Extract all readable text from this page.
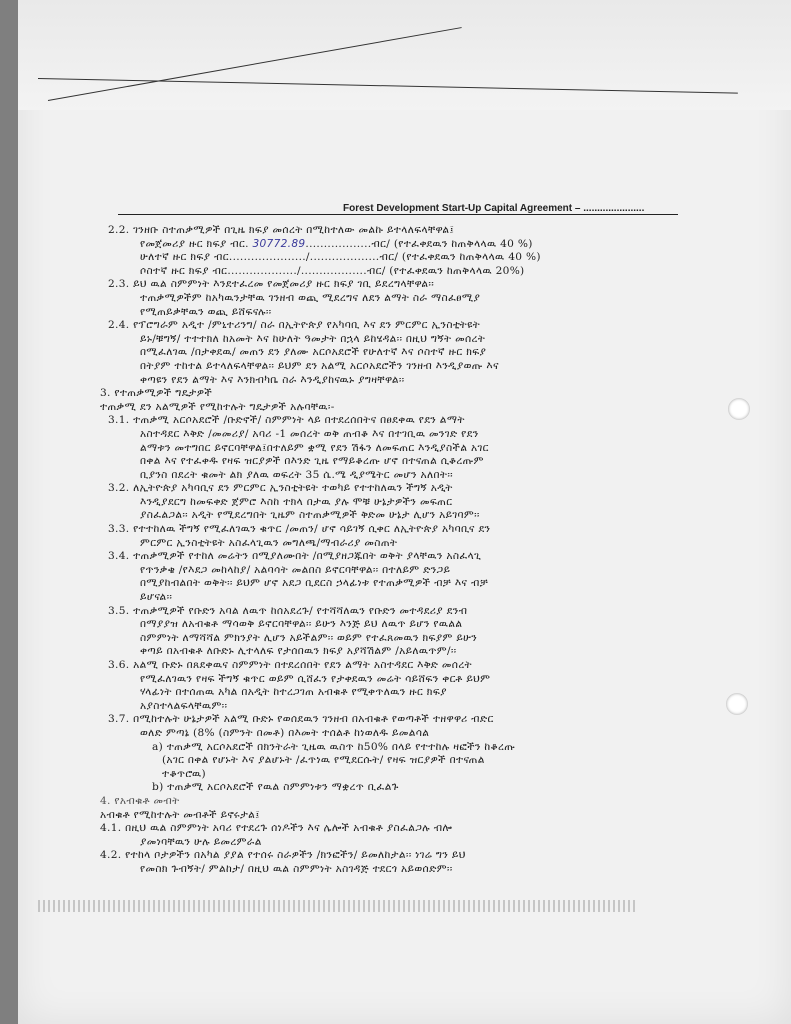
Forest Development Start-Up Capital Agreement – ......................
2.2. ገንዘቡ ስተጠቃሚዎች በጊዜ ክፍያ መሰረት በሚከተለው መልኩ ይተላለፍላቸዋል፤
የመጀመሪያ ዙር ክፍያ ብር. 30772.89..................ብር/ (የተፈቀደዉን ከጠቅላላዉ 40 %)
ሁለተኛ ዙር ክፍያ ብር...................../...................ብር/ (የተፈቀደዉን ከጠቅላላዉ 40 %)
ሶስተኛ ዙር ክፍያ ብር.................../..................ብር/ (የተፈቀደዉን ከጠቅላላዉ 20%)
2.3. ይህ ዉል ስምምነት እንደተፈረመ የመጀመሪያ ዙር ክፍያ ገቢ ይደረግላቸዋል፡፡
ተጠቃሚዎችም ከአካዉንታቸዉ ገንዘብ ወጪ ሚደረግና ለደን ልማት ስራ ማስፈፀሚያ
የሚጠይቃቸዉን ወጪ ይሸፍናሉ፡፡
2.4. የፕሮግራም አዲተ /ምኒተሪንግ/ ስራ በኢትዮጵያ የአካባቢ እና ደን ምርምር ኢንስቲትዩት
ይኑ/ቹግኝ/ ተተተክለ ከአመት እና ከሁለት ዓመታት በኋላ ይከሄዳል፡፡ በዚህ ግኝት መሰረት
በሚፈለገዉ /በታቀደዉ/ መጠን ደን ያለሙ አርሶአደሮች የሁለተኛ እና ሶስተኛ ዙር ክፍያ
በትያም ተከተል ይተላለፍላቸዋል፡፡ ይህም ደን አልሚ አርሶአደሮችን ገንዘብ እንዲያወጡ እና
ቀጣዩን የደን ልማት እና እንክብካቤ ስራ እንዲያከናዉኑ ያግዛቸዋል፡፡
3. የተጠቃሚዎች ግዴታዎች
ተጠቃሚ ደን አልሚዎች የሚከተሉት ግዴታዎች አሉባቸዉ፡-
3.1. ተጠቃሚ አርሶአደሮች /ቡድኖች/ ስምምነት ላይ በተደረሰበትና በፀደቀዉ የደን ልማት
አስተዳደር እቅድ /መመሪያ/ አባሪ -1 መሰረት ወቅ ጠብቆ እና በተገቢዉ መንገድ የደን
ልማቱን መተግበር ይኖርባቸዋል፤በተለይም ቋሚ የደን ሽፋን ለመፍጠር እንዲያስችል አገር
በቀል እና የተፈቀዱ የዛፍ ዝርያዎች በእንድ ጊዜ የማይቆረጡ ሆኖ በተናጠል ሲቆረጡም
ቢያንስ በደረት ቁመት ልክ ያለዉ ወፍረት 35 ሴ.ሜ ዲያሜትር መሆን አለበት፡፡
3.2. ለኢትዮጵያ አካባቢና ደን ምርምር ኢንስቲትዩት ተወካይ የተተከለዉን ችግኝ አዲት
እንዲያደርግ ከመፍቀድ ጀምሮ እስከ ተክላ በታዉ ያሉ ሞቹ ሁኔታዎችን መፍጠር
ያስፈልጋል፡፡ አዲት የሚደረግበት ጊዜም ስተጠቃሚዎች ቅድመ ሁኔታ ሊሆን አይገባም፡፡
3.3. የተተከለዉ ችግኝ የሚፈለገዉን ቁጥር /መጠን/ ሆኖ ሳይገኝ ሲቀር ለኢትዮጵያ አካባቢና ደን
ምርምር ኢንስቲትዩት አስፈላጊዉን መግለጫ/ማብራሪያ መስጠት
3.4. ተጠቃሚዎች የተከለ መሬትን በሚያለሙበት /በሚያዘጋጁበት ወቅት ያላቸዉን አስፈላጊ
የጥንቃቄ /የእደጋ መከላከያ/ አልባሳት መልበስ ይኖርባቸዋል፡፡ በተለይም ድንጋይ
በሚያከብልበት ወቅት፡፡ ይህም ሆኖ አደጋ ቢደርስ ኃላፊነቱ የተጠቃሚዎች ብቻ እና ብቻ
ይሆናል፡፡
3.5. ተጠቃሚዎች የቡድን አባል ለዉጥ ከሰአደረጉ/ የተሻሻለዉን የቡድን መተዳደሪያ ደንብ
በማያያዝ ለአብቁቶ ማሳወቅ ይኖርባቸዋል፡፡ ይሁን እንጅ ይህ ለዉጥ ይሆን የዉልል
ስምምነት ለማሻሻል ምክንያት ሊሆን አይችልም፡፡ ወይም የተፈጸመዉን ክፍያም ይሁን
ቀጣይ በአብቁቶ ለቡድኑ ሊተላለፍ የታሰበዉን ክፍያ አያሻሽልም /አይለዉጥም/፡፡
3.6. አልሚ ቡድኑ በጸደቀዉና ስምምነት በተደረሰበት የደን ልማት አስተዳደር እቅድ መሰረት
የሚፈለገዉን የዛፍ ችግኝ ቁጥር ወይም ሲሸፈን የታቀደዉን መሬት ሳይሸፍን ቀርቶ ይህም
ሃላፊነት በተሰጠዉ አካል በአዲት ከተረጋገጠ አብቁቶ የሚቀጥለዉን ዙር ክፍያ
አያስተላልፍላቸዉም፡፡
3.7. በሚከተሉት ሁኔታዎች አልሚ ቡድኑ የወሰደዉን ገንዘብ በአብቁቶ የወጣቶች ተዘዋዋሪ ብድር
ወለድ ምጣኔ (8% (ስምንት በመቶ) በእመት ተሰልቶ ከነወለዱ ይመልሳል
a) ተጠቃሚ አርሶአደሮች በክንትራት ጊዜዉ ዉስጥ ከ50% በላይ የተተከሉ ዛፎችን ከቆረጡ
(አገር በቀል የሆኑት እና ያልሆኑት /ፈጥነዉ የሚደርሱት/ የዛፍ ዝርያዎች በተናጠል
ተቆጥሮዉ)
b) ተጠቃሚ አርሶአደሮች የዉል ስምምነቱን ማቋረጥ ቢፈልጉ
4. የአብቁቶ መብት
አብቁቶ የሚከተሉት መብቶች ይኖሩታል፤
4.1. በዚህ ዉል ስምምነት አባሪ የተደረጉ ሰነዶችን እና ሌሎች አብቁቶ ያስፈልጋሉ ብሎ
ያመነባቸዉን ሁሉ ይመረምራል
4.2. የተከላ ቦታዎችን በአካል ያያል የተሰሩ ስራዎችን /ክንፎችን/ ይመለከታል፡፡ ነገሬ ግን ይህ
የመስክ ጉብኝት/ ምልከታ/ በዚህ ዉል ስምምነት አስገዳጅ ተደርጎ አይወሰድም፡፡
